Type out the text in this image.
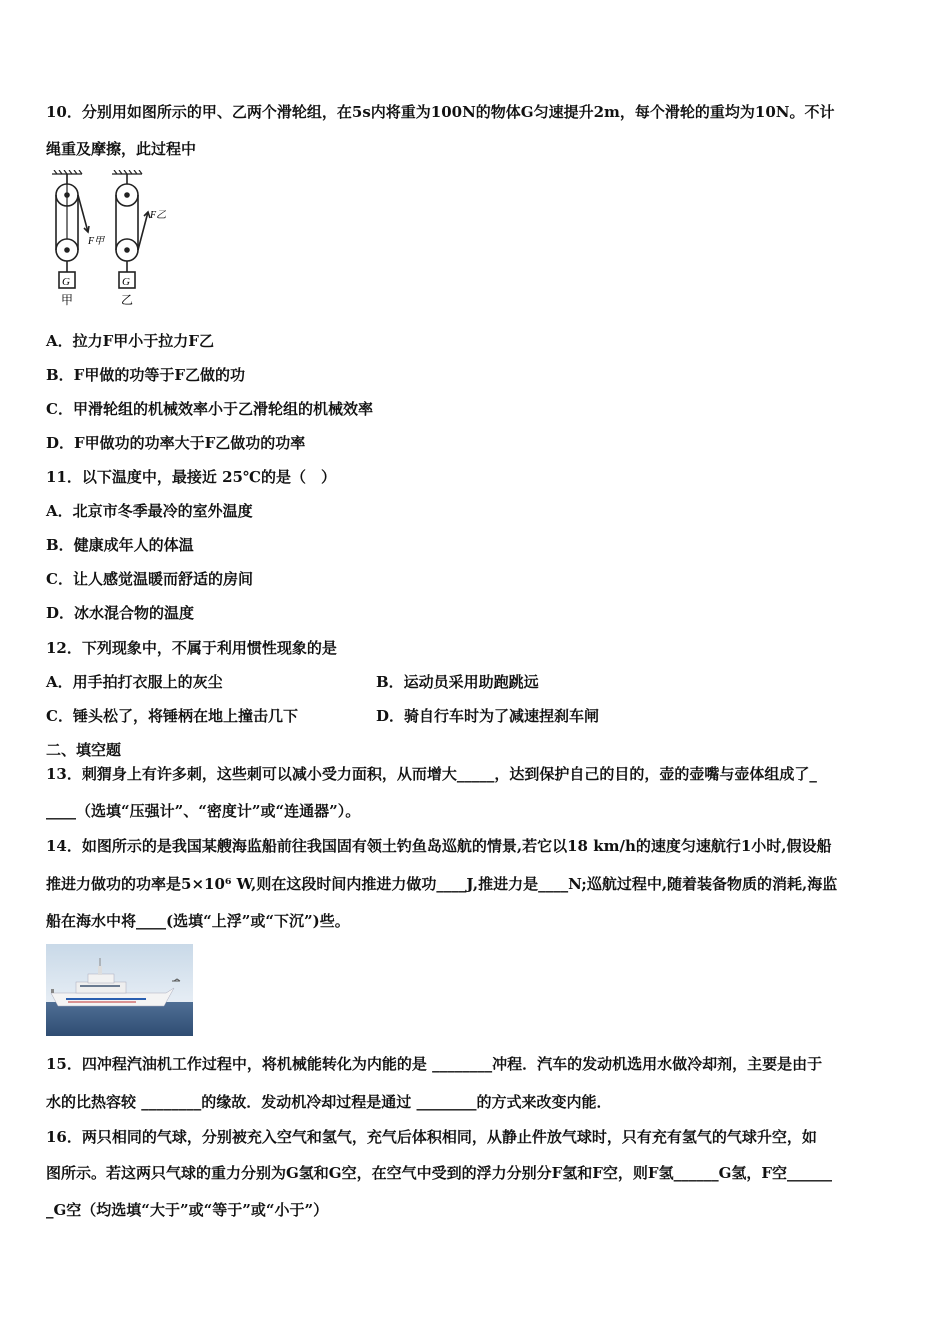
10．分别用如图所示的甲、乙两个滑轮组，在5s内将重为100N的物体G匀速提升2m，每个滑轮的重均为10N。不计
绳重及摩擦，此过程中
G	G
F甲
F乙
甲	乙
A．拉力F甲小于拉力F乙
B．F甲做的功等于F乙做的功
C．甲滑轮组的机械效率小于乙滑轮组的机械效率
D．F甲做功的功率大于F乙做功的功率
11．以下温度中，最接近 25℃的是（　）
A．北京市冬季最冷的室外温度
B．健康成年人的体温
C．让人感觉温暖而舒适的房间
D．冰水混合物的温度
12．下列现象中，不属于利用惯性现象的是
A．用手拍打衣服上的灰尘	B．运动员采用助跑跳远
C．锤头松了，将锤柄在地上撞击几下	D．骑自行车时为了减速捏刹车闸
二、填空题
13．刺猬身上有许多刺，这些刺可以减小受力面积，从而增大_____，达到保护自己的目的，壶的壶嘴与壶体组成了_
____（选填“压强计”、“密度计”或“连通器”）。
14．如图所示的是我国某艘海监船前往我国固有领土钓鱼岛巡航的情景,若它以18 km/h的速度匀速航行1小时,假设船
推进力做功的功率是5×10⁶ W,则在这段时间内推进力做功____J,推进力是____N;巡航过程中,随着装备物质的消耗,海监
船在海水中将____(选填“上浮”或“下沉”)些。
15．四冲程汽油机工作过程中，将机械能转化为内能的是 ________冲程．汽车的发动机选用水做冷却剂，主要是由于
水的比热容较 ________的缘故．发动机冷却过程是通过 ________的方式来改变内能．
16．两只相同的气球，分别被充入空气和氢气，充气后体积相同，从静止件放气球时，只有充有氢气的气球升空，如
图所示。若这两只气球的重力分别为G氢和G空，在空气中受到的浮力分别分F氢和F空，则F氢______G氢，F空______
_G空（均选填“大于”或“等于”或“小于”）
